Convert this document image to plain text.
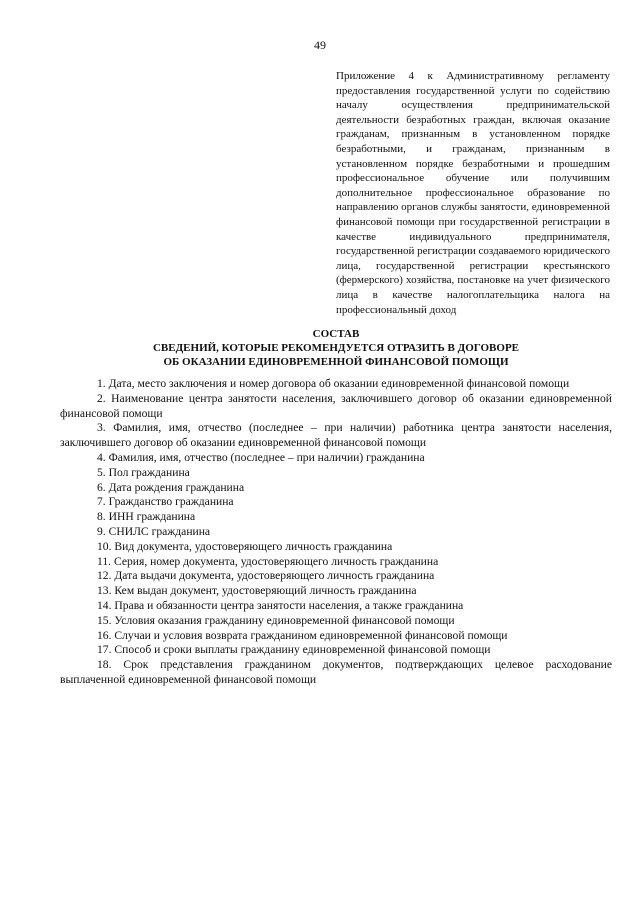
49
Приложение 4 к Административному регламенту предоставления государственной услуги по содействию началу осуществления предпринимательской деятельности безработных граждан, включая оказание гражданам, признанным в установленном порядке безработными, и гражданам, признанным в установленном порядке безработными и прошедшим профессиональное обучение или получившим дополнительное профессиональное образование по направлению органов службы занятости, единовременной финансовой помощи при государственной регистрации в качестве индивидуального предпринимателя, государственной регистрации создаваемого юридического лица, государственной регистрации крестьянского (фермерского) хозяйства, постановке на учет физического лица в качестве налогоплательщика налога на профессиональный доход
СОСТАВ
СВЕДЕНИЙ, КОТОРЫЕ РЕКОМЕНДУЕТСЯ ОТРАЗИТЬ В ДОГОВОРЕ
ОБ ОКАЗАНИИ ЕДИНОВРЕМЕННОЙ ФИНАНСОВОЙ ПОМОЩИ

1. Дата, место заключения и номер договора об оказании единовременной финансовой помощи

2. Наименование центра занятости населения, заключившего договор об оказании единовременной финансовой помощи

3. Фамилия, имя, отчество (последнее – при наличии) работника центра занятости населения, заключившего договор об оказании единовременной финансовой помощи

4. Фамилия, имя, отчество (последнее – при наличии) гражданина

5. Пол гражданина

6. Дата рождения гражданина

7. Гражданство гражданина

8. ИНН гражданина

9. СНИЛС гражданина

10. Вид документа, удостоверяющего личность гражданина

11. Серия, номер документа, удостоверяющего личность гражданина

12. Дата выдачи документа, удостоверяющего личность гражданина

13. Кем выдан документ, удостоверяющий личность гражданина

14. Права и обязанности центра занятости населения, а также гражданина

15. Условия оказания гражданину единовременной финансовой помощи

16. Случаи и условия возврата гражданином единовременной финансовой помощи

17. Способ и сроки выплаты гражданину единовременной финансовой помощи

18. Срок представления гражданином документов, подтверждающих целевое расходование выплаченной единовременной финансовой помощи
